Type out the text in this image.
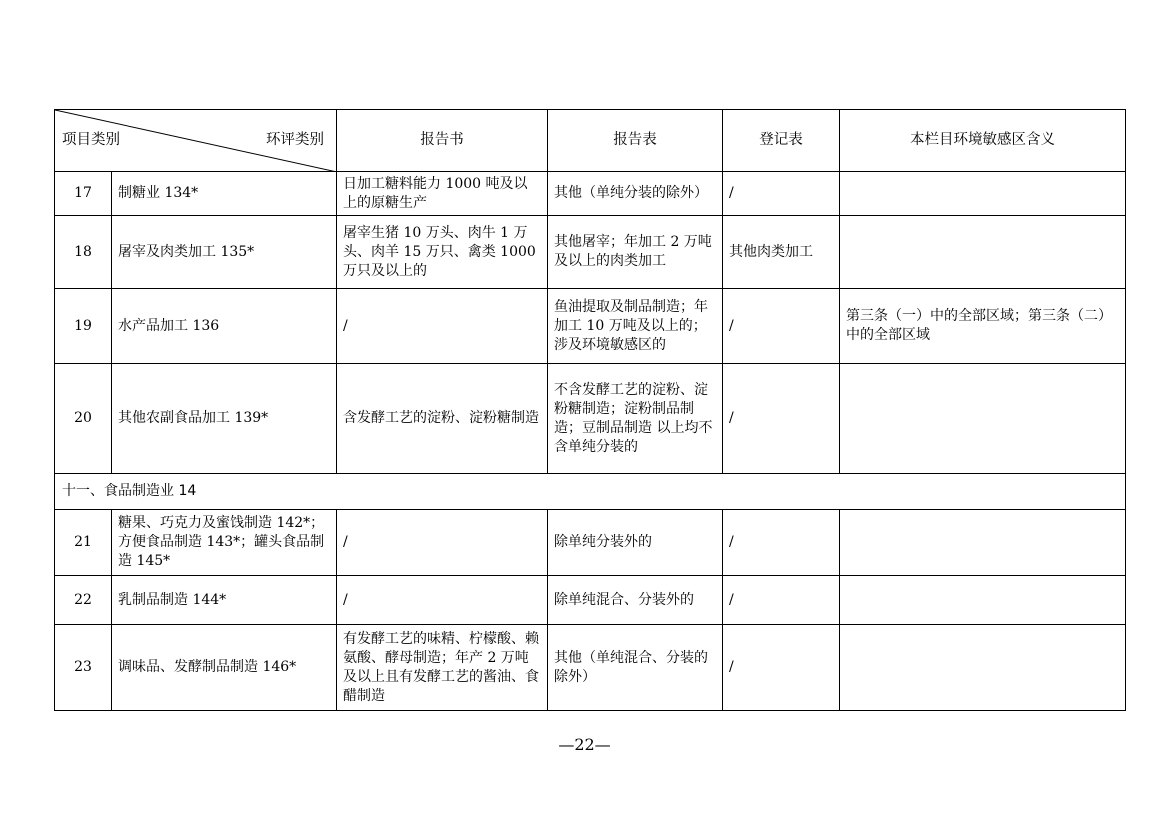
项目类别 环评类别		报告书	报告表	登记表	本栏目环境敏感区含义
17	制糖业 134*	日加工糖料能力 1000 吨及以上的原糖生产	其他（单纯分装的除外）	/	
18	屠宰及肉类加工 135*	屠宰生猪 10 万头、肉牛 1 万头、肉羊 15 万只、禽类 1000 万只及以上的	其他屠宰；年加工 2 万吨及以上的肉类加工	其他肉类加工	
19	水产品加工 136	/	鱼油提取及制品制造；年加工 10 万吨及以上的；涉及环境敏感区的	/	第三条（一）中的全部区域；第三条（二）中的全部区域
20	其他农副食品加工 139*	含发酵工艺的淀粉、淀粉糖制造	不含发酵工艺的淀粉、淀粉糖制造；淀粉制品制造；豆制品制造 以上均不含单纯分装的	/	
十一、食品制造业 14					
21	糖果、巧克力及蜜饯制造 142*；方便食品制造 143*；罐头食品制造 145*	/	除单纯分装外的	/	
22	乳制品制造 144*	/	除单纯混合、分装外的	/	
23	调味品、发酵制品制造 146*	有发酵工艺的味精、柠檬酸、赖氨酸、酵母制造；年产 2 万吨及以上且有发酵工艺的酱油、食醋制造	其他（单纯混合、分装的除外）	/	
—22—
